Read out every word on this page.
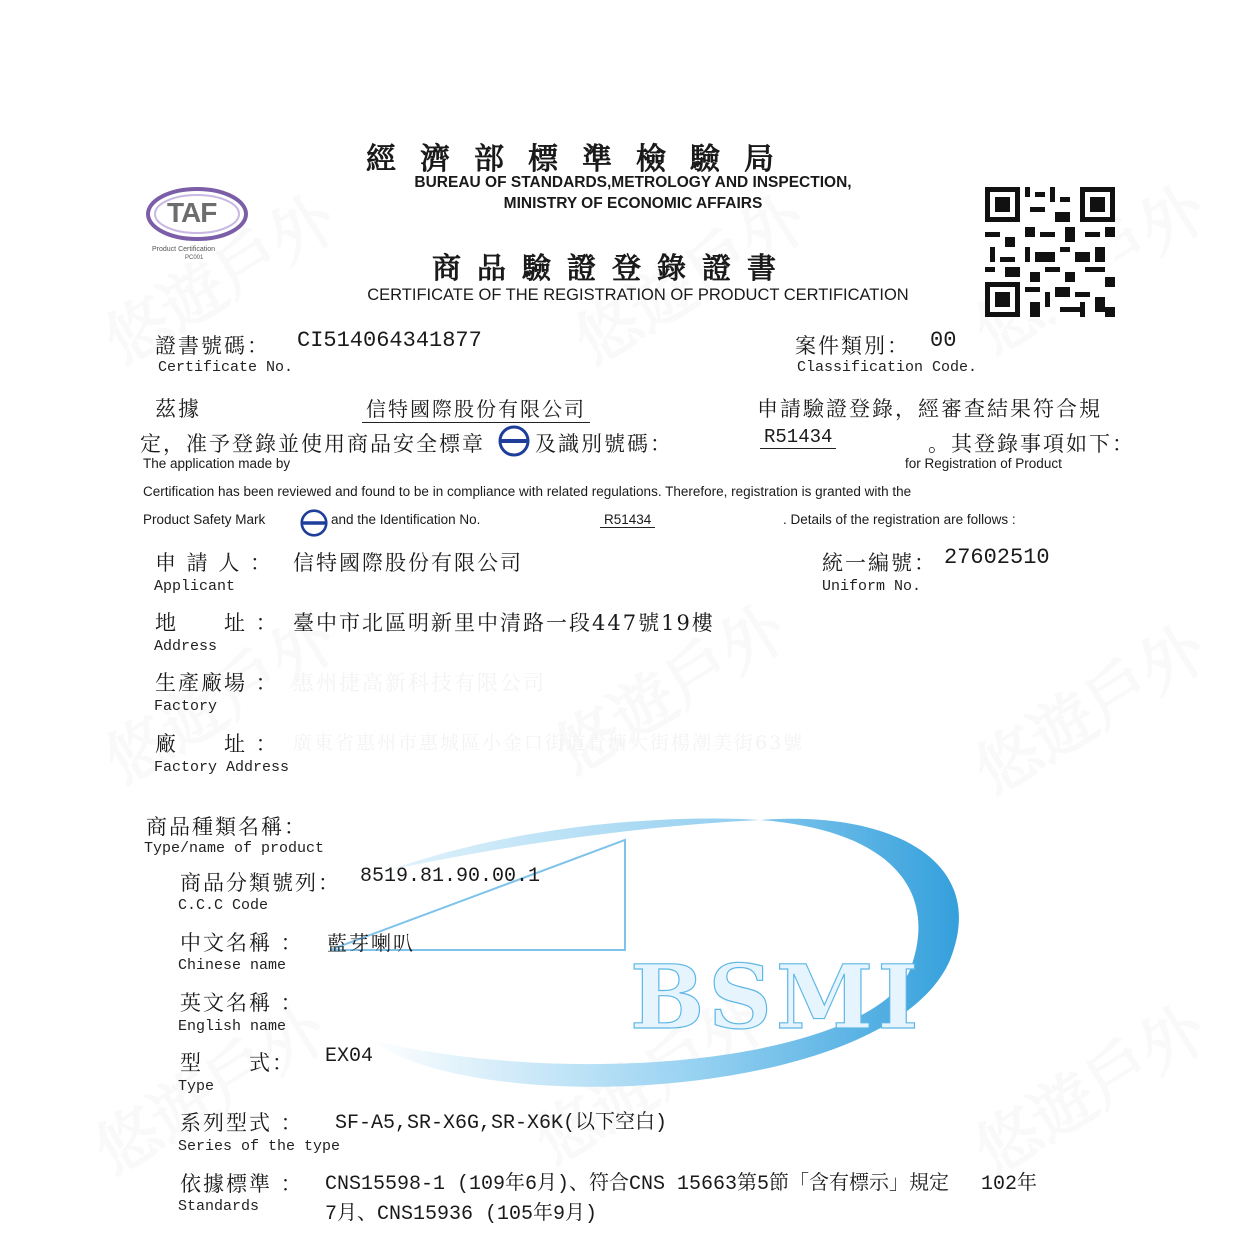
BSMI
經濟部標準檢驗局
BUREAU OF STANDARDS,METROLOGY AND INSPECTION,
MINISTRY OF ECONOMIC AFFAIRS
商品驗證登錄證書
CERTIFICATE OF THE REGISTRATION OF PRODUCT CERTIFICATION
TAF
Product Certification
PC001
證書號碼： CI514064341877
Certificate No.
案件類別： 00
Classification Code.
茲據	信特國際股份有限公司	申請驗證登錄，經審查結果符合規
定，准予登錄並使用商品安全標章 及識別號碼：	R51434	。其登錄事項如下：
The application made by	for Registration of Product
Certification has been reviewed and found to be in compliance with related regulations. Therefore, registration is granted with the
Product Safety Mark	and the Identification No.	R51434	. Details of the registration are follows :
申 請 人 ： 信特國際股份有限公司
Applicant
統一編號： 27602510
Uniform No.
地　　址 ： 臺中市北區明新里中清路一段447號19樓
Address
生產廠場 ： 惠州捷高新科技有限公司
Factory
廠　　址 ： 廣東省惠州市惠城區小金口街道青塘大街楊潮美街63號
Factory Address
商品種類名稱：
Type/name of product
商品分類號列： 8519.81.90.00.1
C.C.C Code
中文名稱 ： 藍芽喇叭
Chinese name
英文名稱 ：
English name
型　　式： EX04
Type
系列型式 ： SF-A5,SR-X6G,SR-X6K(以下空白)
Series of the type
依據標準 ： CNS15598-1 (109年6月)、符合CNS 15663第5節「含有標示」規定　 102年
Standards	7月、CNS15936 (105年9月)
